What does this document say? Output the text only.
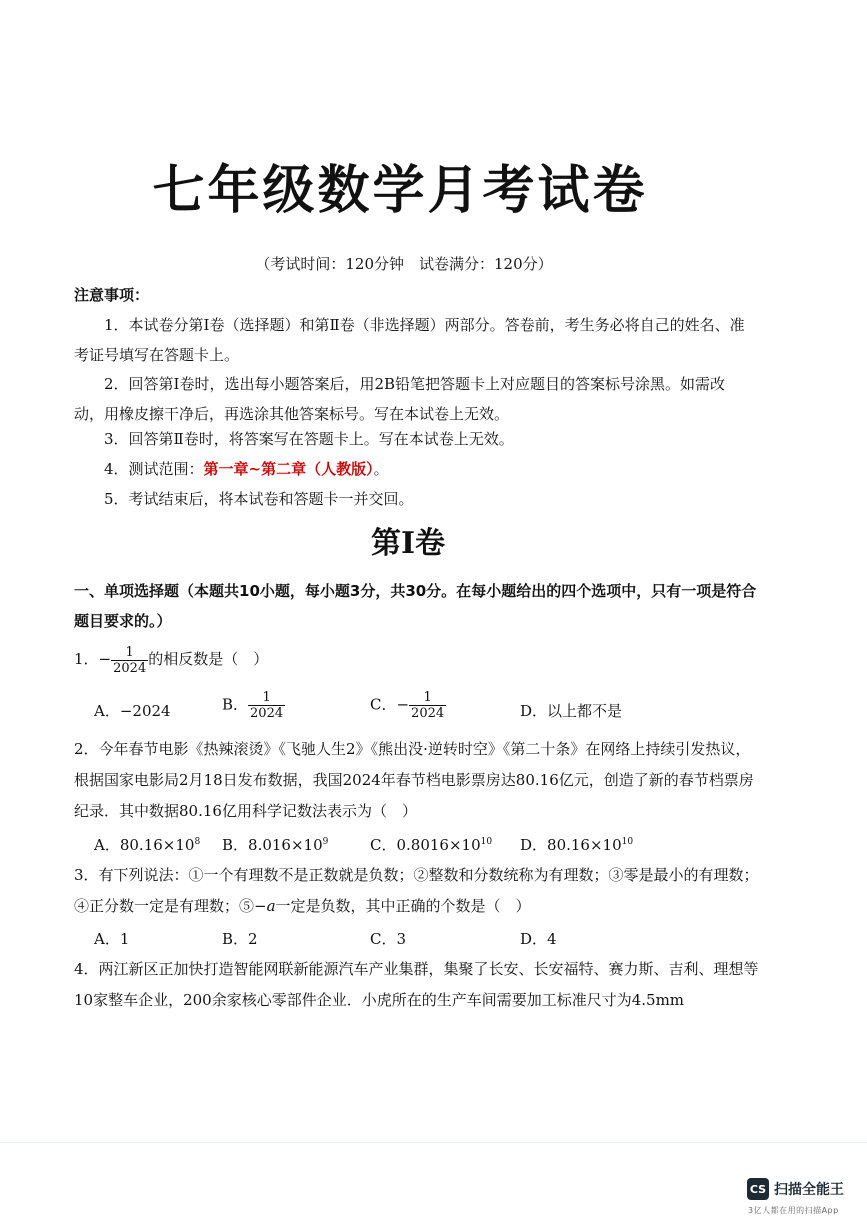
七年级数学月考试卷
（考试时间：120分钟　试卷满分：120分）
注意事项：
1．本试卷分第Ⅰ卷（选择题）和第Ⅱ卷（非选择题）两部分。答卷前，考生务必将自己的姓名、准考证号填写在答题卡上。
2．回答第Ⅰ卷时，选出每小题答案后，用2B铅笔把答题卡上对应题目的答案标号涂黑。如需改动，用橡皮擦干净后，再选涂其他答案标号。写在本试卷上无效。
3．回答第Ⅱ卷时，将答案写在答题卡上。写在本试卷上无效。
4．测试范围：第一章~第二章（人教版）。
5．考试结束后，将本试卷和答题卡一并交回。
第Ⅰ卷
一、单项选择题（本题共10小题，每小题3分，共30分。在每小题给出的四个选项中，只有一项是符合题目要求的。）
1．− $\frac{1}{2024}$ 的相反数是（　）
A．−2024	B． $\frac{1}{2024}$	C．− $\frac{1}{2024}$	D．以上都不是
2．今年春节电影《热辣滚烫》《飞驰人生2》《熊出没·逆转时空》《第二十条》在网络上持续引发热议，根据国家电影局2月18日发布数据，我国2024年春节档电影票房达80.16亿元，创造了新的春节档票房纪录．其中数据80.16亿用科学记数法表示为（　）
A．$80.16\times 10^8$ B．$8.016\times 10^9$	C．$0.8016\times 10^{10}$ D．$80.16\times 10^{10}$
3．有下列说法：①一个有理数不是正数就是负数；②整数和分数统称为有理数；③零是最小的有理数；④正分数一定是有理数；⑤−a一定是负数，其中正确的个数是（　）
A．1	B．2	C．3	D．4
4．两江新区正加快打造智能网联新能源汽车产业集群，集聚了长安、长安福特、赛力斯、吉利、理想等10家整车企业，200余家核心零部件企业．小虎所在的生产车间需要加工标准尺寸为4.5mm
CS 扫描全能王
3亿人都在用的扫描App
